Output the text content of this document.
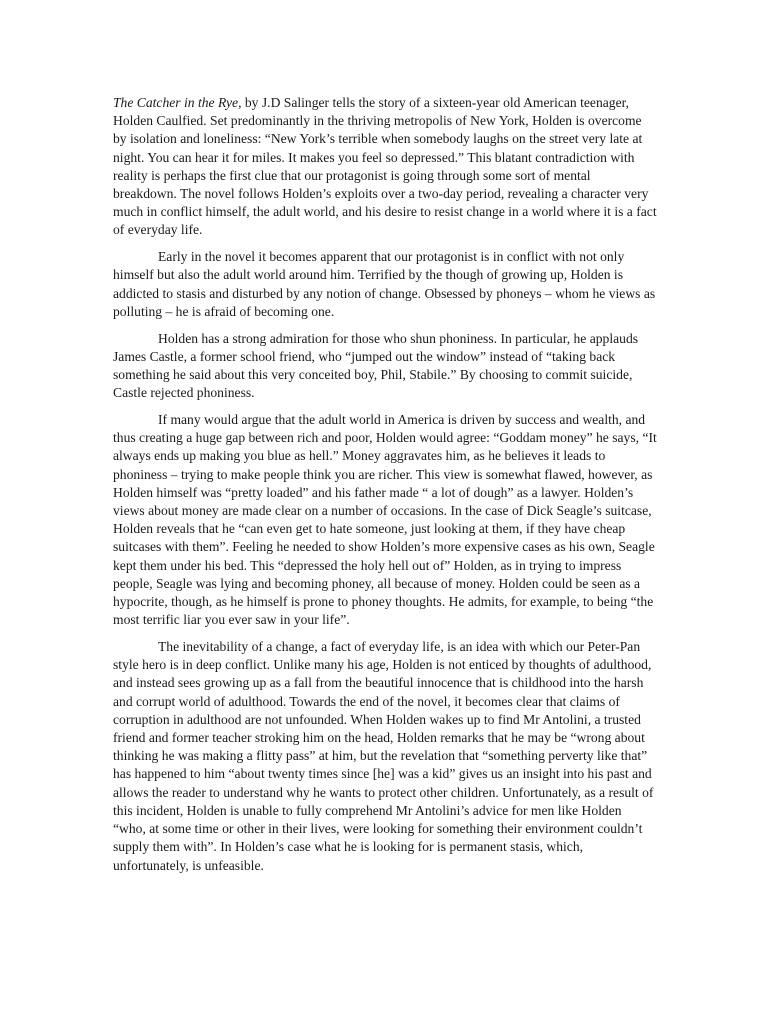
The Catcher in the Rye, by J.D Salinger tells the story of a sixteen-year old American teenager, Holden Caulfied. Set predominantly in the thriving metropolis of New York, Holden is overcome by isolation and loneliness: “New York’s terrible when somebody laughs on the street very late at night. You can hear it for miles. It makes you feel so depressed.” This blatant contradiction with reality is perhaps the first clue that our protagonist is going through some sort of mental breakdown. The novel follows Holden’s exploits over a two-day period, revealing a character very much in conflict himself, the adult world, and his desire to resist change in a world where it is a fact of everyday life.

Early in the novel it becomes apparent that our protagonist is in conflict with not only himself but also the adult world around him. Terrified by the though of growing up, Holden is addicted to stasis and disturbed by any notion of change. Obsessed by phoneys – whom he views as polluting – he is afraid of becoming one.

Holden has a strong admiration for those who shun phoniness. In particular, he applauds James Castle, a former school friend, who “jumped out the window” instead of “taking back something he said about this very conceited boy, Phil, Stabile.” By choosing to commit suicide, Castle rejected phoniness.

If many would argue that the adult world in America is driven by success and wealth, and thus creating a huge gap between rich and poor, Holden would agree: “Goddam money” he says, “It always ends up making you blue as hell.” Money aggravates him, as he believes it leads to phoniness – trying to make people think you are richer. This view is somewhat flawed, however, as Holden himself was “pretty loaded” and his father made “ a lot of dough” as a lawyer. Holden’s views about money are made clear on a number of occasions. In the case of Dick Seagle’s suitcase, Holden reveals that he “can even get to hate someone, just looking at them, if they have cheap suitcases with them”. Feeling he needed to show Holden’s more expensive cases as his own, Seagle kept them under his bed. This “depressed the holy hell out of” Holden, as in trying to impress people, Seagle was lying and becoming phoney, all because of money. Holden could be seen as a hypocrite, though, as he himself is prone to phoney thoughts. He admits, for example, to being “the most terrific liar you ever saw in your life”.

The inevitability of a change, a fact of everyday life, is an idea with which our Peter-Pan style hero is in deep conflict. Unlike many his age, Holden is not enticed by thoughts of adulthood, and instead sees growing up as a fall from the beautiful innocence that is childhood into the harsh and corrupt world of adulthood. Towards the end of the novel, it becomes clear that claims of corruption in adulthood are not unfounded. When Holden wakes up to find Mr Antolini, a trusted friend and former teacher stroking him on the head, Holden remarks that he may be “wrong about thinking he was making a flitty pass” at him, but the revelation that “something perverty like that” has happened to him “about twenty times since [he] was a kid” gives us an insight into his past and allows the reader to understand why he wants to protect other children. Unfortunately, as a result of this incident, Holden is unable to fully comprehend Mr Antolini’s advice for men like Holden “who, at some time or other in their lives, were looking for something their environment couldn’t supply them with”. In Holden’s case what he is looking for is permanent stasis, which, unfortunately, is unfeasible.
